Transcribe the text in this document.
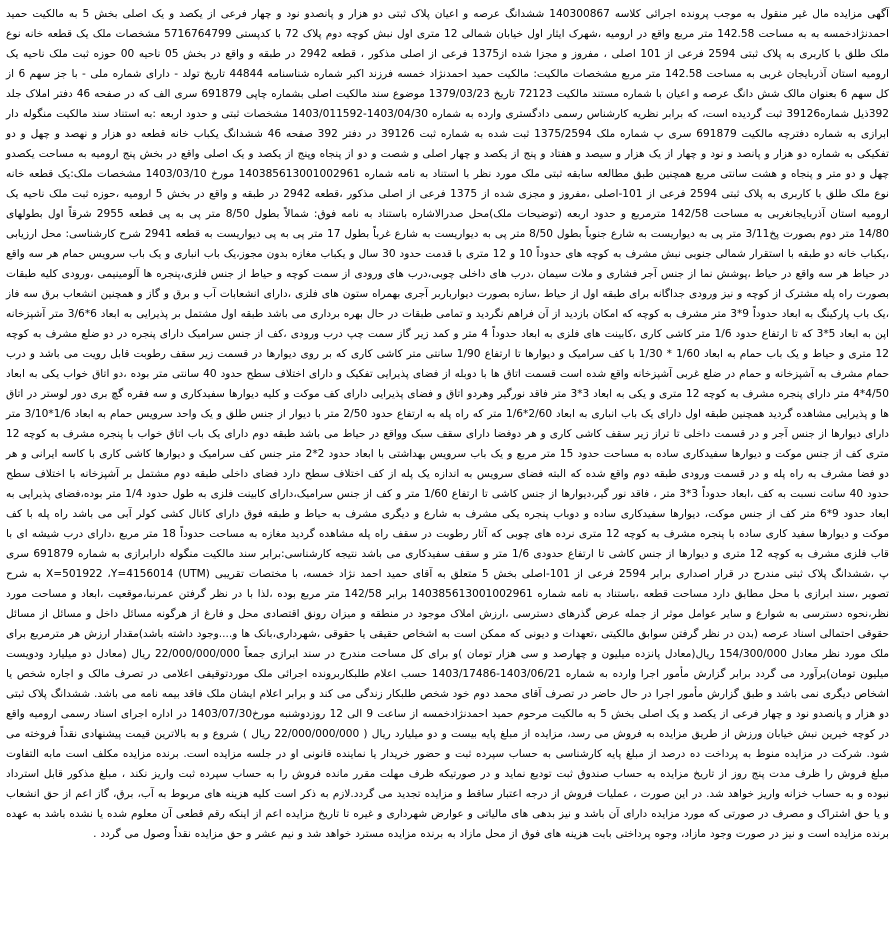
آگهی مزایده مال غیر منقول به موجب پرونده اجرائی کلاسه 140300867 ششدانگ عرصه و اعیان پلاک ثبتی دو هزار و پانصدو نود و چهار فرعی از یکصد و یک اصلی بخش 5 به مالکیت حمید احمدنژادخمسه به به مساحت 142.58 متر مربع واقع در ارومیه ،شهرک ایثار اول خیابان شمالی 12 متری اول نبش کوچه دوم پلاک 72 با کدپستی 5716764799 مشخصات ملک یک قطعه خانه نوع ملک طلق با کاربری به پلاک ثبتی 2594 فرعی از 101 اصلی ، مفروز و مجزا شده از1375 فرعی از اصلی مذکور ، قطعه 2942 در طبقه و واقع در بخش 05 ناحیه 00 حوزه ثبت ملک ناحیه یک ارومیه استان آذربایجان غربی به مساحت 142.58 متر مربع مشخصات مالکیت: مالکیت حمید احمدنژاد خمسه فرزند اکبر شماره شناسنامه 44844 تاریخ تولد - دارای شماره ملی - با جز سهم 6 از کل سهم 6 بعنوان مالک شش دانگ عرصه و اعیان با شماره مستند مالکیت 72123 تاریخ 1379/03/23 موضوع سند مالکیت اصلی بشماره چاپی 691879 سری الف که در صفحه 46 دفتر املاک جلد 392ذیل شماره39126 ثبت گردیده است، که برابر نظریه کارشناس رسمی دادگستری وارده به شماره 1403/04/30-1403/011592 مشخصات ثبتی و حدود اربعه :به استناد سند مالکیت منگوله دار ابرازی به شماره دفترچه مالکیت 691879 سری پ شماره ملک 1375/2594 ثبت شده به شماره ثبت 39126 در دفتر 392 صفحه 46 ششدانگ یکباب خانه قطعه دو هزار و نهصد و چهل و دو تفکیکی به شماره دو هزار و پانصد و نود و چهار از یک هزار و سیصد و هفتاد و پنج از یکصد و چهار اصلی و شصت و دو از پنجاه وپنج از یکصد و یک اصلی واقع در بخش پنج ارومیه به مساحت یکصدو چهل و دو متر و پنجاه و هشت سانتی مربع همچنین طبق مطالعه سابقه ثبتی ملک مورد نظر با استناد به نامه شماره 140385613001002961 مورخ 1403/03/10 مشخصات ملک:یک قطعه خانه نوع ملک طلق با کاربری به پلاک ثبتی 2594 فرعی از 101-اصلی ،مفروز و مجزی شده از 1375 فرعی از اصلی مذکور ،قطعه 2942 در طبقه و واقع در بخش 5 ارومیه ،حوزه ثبت ملک ناحیه یک ارومیه استان آذربایجانغربی به مساحت 142/58 مترمربع و حدود اربعه (توضیحات ملک)محل صدرالاشاره باستناد به نامه فوق: شمالاً بطول 8/50 متر پی به پی قطعه 2955 شرقاً اول بطولهای 14/80 متر دوم بصورت پخ3/11 متر پی به دیواریست به شارع جنوباً بطول 8/50 متر پی به دیواریست به شارع غرباً بطول 17 متر پی به پی دیواریست به قطعه 2941 شرح کارشناسی: محل ارزیابی ،یکباب خانه دو طبقه با استقرار شمالی جنوبی نبش مشرف به کوچه های حدوداً 10 و 12 متری با قدمت حدود 30 سال و یکباب مغازه بدون مجوز،یک باب انباری و یک باب سرویس حمام هر سه واقع در حیاط هر سه واقع در حیاط ،پوشش نما از جنس آجر فشاری و ملات سیمان ،درب های داخلی چوبی،درب های ورودی از سمت کوچه و حیاط از جنس فلزی،پنجره ها آلومینیمی ،ورودی کلیه طبقات بصورت راه پله مشترک از کوچه و نیز ورودی جداگانه برای طبقه اول از حیاط ،سازه بصورت دیوارباربر آجری بهمراه ستون های فلزی ،دارای انشعابات آب و برق و گاز و همچنین انشعاب برق سه فاز ،یک باب پارکینگ به ابعاد حدوداً 9*3 متر مشرف به کوچه که امکان بازدید از آن فراهم نگردید و تمامی طبقات در حال بهره برداری می باشد طبقه اول مشتمل بر پذیرایی به ابعاد 6*3/6 متر آشپزخانه اپن به ابعاد 5*3 که تا ارتفاع حدود 1/6 متر کاشی کاری ،کابینت های فلزی به ابعاد حدوداً 4 متر و کمد زیر گاز سمت چپ درب ورودی ،کف از جنس سرامیک دارای پنجره در دو ضلع مشرف به کوچه 12 متری و حیاط و یک باب حمام به ابعاد 1/60 * 1/30 با کف سرامیک و دیوارها تا ارتفاع 1/90 سانتی متر کاشی کاری که بر روی دیوارها در قسمت زیر سقف رطوبت قابل رویت می باشد و درب حمام مشرف به آشپزخانه و حمام در ضلع غربی آشپزخانه واقع شده است قسمت اتاق ها با دوبله از فضای پذیرایی تفکیک و دارای اختلاف سطح حدود 40 سانتی متر بوده ،دو اتاق خواب یکی به ابعاد 4/50*4 متر دارای پنجره مشرف به کوچه 12 متری و یکی به ابعاد 3*3 متر فاقد نورگیر وهردو اتاق و فضای پذیرایی دارای کف موکت و کلیه دیوارها سفیدکاری و سه فقره گچ بری دور لوستر در اتاق ها و پذیرایی مشاهده گردید همچنین طبقه اول دارای یک باب انباری به ابعاد 2/60*1/6 متر که راه پله به ارتفاع حدود 2/50 متر با دیوار از جنس طلق و یک واحد سرویس حمام به ابعاد 1/6*3/10 متر دارای دیوارها از جنس آجر و در قسمت داخلی تا تراز زیر سقف کاشی کاری و هر دوفضا دارای سقف سبک وواقع در حیاط می باشد طبقه دوم دارای یک باب اتاق خواب با پنجره مشرف به کوچه 12 متری کف از جنس موکت و دیوارها سفیدکاری ساده به مساحت حدود 15 متر مربع و یک باب سرویس بهداشتی با ابعاد حدود 2*2 متر جنس کف سرامیک و دیوارها کاشی کاری با کاسه ایرانی و هر دو فضا مشرف به راه پله و در قسمت ورودی طبقه دوم واقع شده که البته فضای سرویس به اندازه یک پله از کف اختلاف سطح دارد فضای داخلی طبقه دوم مشتمل بر آشپزخانه با اختلاف سطح حدود 40 سانت نسبت به کف ،ابعاد حدوداً 3*3 متر ، فاقد نور گیر،دیوارها از جنس کاشی تا ارتفاع 1/60 متر و کف از جنس سرامیک،دارای کابینت فلزی به طول حدود 1/4 متر بوده،فضای پذیرایی به ابعاد حدود 9*6 متر کف از جنس موکت، دیوارها سفیدکاری ساده و دوباب پنجره یکی مشرف به شارع و دیگری مشرف به حیاط و طبقه فوق دارای کانال کشی کولر آبی می باشد راه پله با کف موکت و دیوارها سفید کاری ساده با پنجره مشرف به کوچه 12 متری نرده های چوبی که آثار رطوبت در سقف راه پله مشاهده گردید مغازه به مساحت حدوداً 18 متر مربع ،دارای درب شیشه ای با قاب فلزی مشرف به کوچه 12 متری و دیوارها از جنس کاشی تا ارتفاع حدودی 1/6 متر و سقف سفیدکاری می باشد نتیجه کارشناسی:برابر سند مالکیت منگوله دارابرازی به شماره 691879 سری پ ،ششدانگ پلاک ثبتی مندرج در قرار اصداری برابر 2594 فرعی از 101-اصلی بخش 5 متعلق به آقای حمید احمد نژاد خمسه، با مختصات تقریبی (UTM) X=501922 ،Y=4156014 به شرح تصویر ،سند ابرازی با محل مطابق دارد مساحت قطعه ،باستناد به نامه شماره 140385613001002961 برابر 142/58 متر مربع بوده ،لذا با در نظر گرفتن عمرنبا،موقعیت ،ابعاد و مساحت مورد نظر،نحوه دسترسی به شوارع و سایر عوامل موثر از جمله عرض گذرهای دسترسی ،ارزش املاک موجود در منطقه و میزان رونق اقتصادی محل و فارغ از هرگونه مسائل داخل و مسائل از مسائل حقوقی احتمالی اسناد عرصه (بدن در نظر گرفتن سوابق مالکیتی ،تعهدات و دیونی که ممکن است به اشخاص حقیقی یا حقوقی ،شهرداری،بانک ها و....وجود داشته باشد)مقدار ارزش هر مترمربع برای ملک مورد نظر معادل 154/300/000 ریال(معادل پانزده میلیون و چهارصد و سی هزار تومان )و برای کل مساحت مندرج در سند ابرازی جمعاً 22/000/000/000 ریال (معادل دو میلیارد ودویست میلیون تومان)برآورد می گردد برابر گزارش مأمور اجرا وارده به شماره 1403/06/21-1403/17486 حسب اعلام طلبکاربرونده اجرائی ملک موردتوقیفی اعلامی در تصرف مالک و اجاره شخص یا اشخاص دیگری نمی باشد و طبق گزارش مأمور اجرا در حال حاضر در تصرف آقای محمد دوم خود شخص طلبکار زندگی می کند و برابر اعلام ایشان ملک فاقد بیمه نامه می باشد. ششدانگ پلاک ثبتی دو هزار و پانصدو نود و چهار فرعی از یکصد و یک اصلی بخش 5 به مالکیت مرحوم حمید احمدنژادخمسه از ساعت 9 الی 12 روزدوشنبه مورخ1403/07/30 در اداره اجرای اسناد رسمی ارومیه واقع در کوچه خیرین نبش خیابان ورزش از طریق مزایده به فروش می رسد، مزایده از مبلغ پایه بیست و دو میلیارد ریال ( 22/000/000/000 ریال ) شروع و به بالاترین قیمت پیشنهادی نقداً فروخته می شود. شرکت در مزایده منوط به پرداخت ده درصد از مبلغ پایه کارشناسی به حساب سپرده ثبت و حضور خریدار یا نماینده قانونی او در جلسه مزایده است. برنده مزایده مکلف است مابه التفاوت مبلغ فروش را ظرف مدت پنج روز از تاریخ مزایده به حساب صندوق ثبت تودیع نماید و در صورتیکه ظرف مهلت مقرر مانده فروش را به حساب سپرده ثبت واریز نکند ، مبلغ مذکور قابل استرداد نبوده و به حساب خزانه واریز خواهد شد. در این صورت ، عملیات فروش از درجه اعتبار ساقط و مزایده تجدید می گردد.لازم به ذکر است کلیه هزینه های مربوط به آب، برق، گاز اعم از حق انشعاب و یا حق اشتراک و مصرف در صورتی که مورد مزایده دارای آن باشد و نیز بدهی های مالیاتی و عوارض شهرداری و غیره تا تاریخ مزایده اعم از اینکه رقم قطعی آن معلوم شده یا نشده باشد به عهده برنده مزایده است و نیز در صورت وجود مازاد، وجوه پرداختی بابت هزینه های فوق از محل مازاد به برنده مزایده مسترد خواهد شد و نیم عشر و حق مزایده نقداً وصول می گردد .
